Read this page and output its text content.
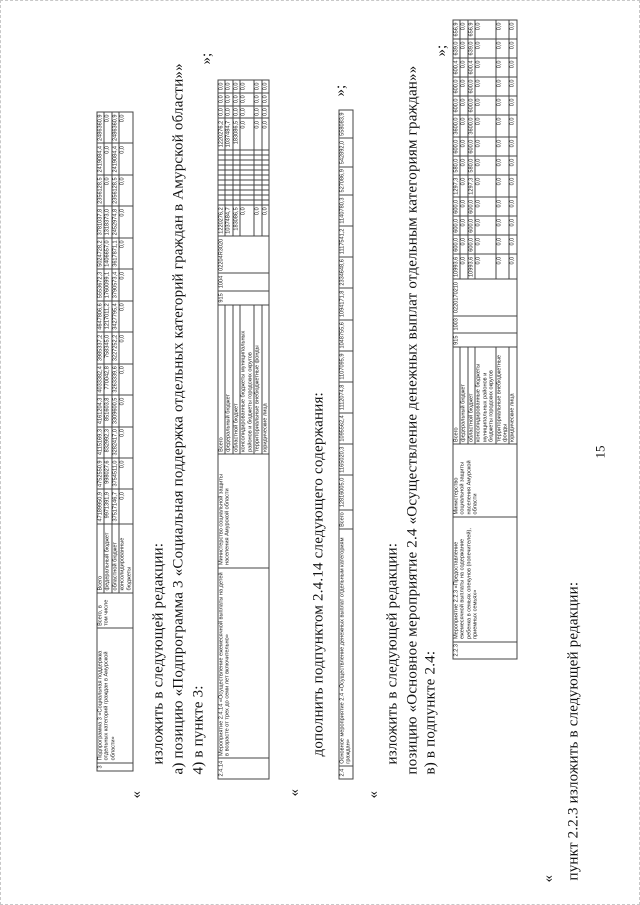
15
пункт 2.2.3 изложить в следующей редакции:
«
2.2.3	Мероприятие 2.2.3 «Предоставление ежемесячной выплаты на содержание ребенка в семьях опекунов (попечителей), приемных семьях»	Министерство социальной защиты населения Амурской области	Всего	915	1003	0220170210	10993,6	600,0	600,0	600,0	1297,3	580,0	600,0	3600,0	600,0	600,0	600,4	639,0	656,9
			федеральный бюджет				0,0	0,0	0,0	0,0	0,0	0,0	0,0	0,0	0,0	0,0	0,0	0,0	0,0
			областной бюджет				10993,6	600,0	600,0	600,0	1297,3	580,0	600,0	3600,0	600,0	600,0	600,4	639,0	656,9
			консолидированные бюджеты муниципальных районов и бюджеты городских округов				0,0	0,0	0,0	0,0	0,0	0,0	0,0	0,0	0,0	0,0	0,0	0,0	0,0
			территориальные внебюджетные фонды				0,0	0,0	0,0	0,0	0,0	0,0	0,0	0,0	0,0	0,0	0,0	0,0	0,0
			юридические лица				0,0	0,0	0,0	0,0	0,0	0,0	0,0	0,0	0,0	0,0	0,0	0,0	0,0
»;
в) в подпункте 2.4:
позицию «Основное мероприятие 2.4 «Осуществление денежных выплат отдельным категориям граждан»»
изложить в следующей редакции:
«
2.4	Основное мероприятие 2.4 «Осуществление денежных выплат отдельным категориям граждан»	Всего	12816005,0	1165020,3	1095562,4	1112074,8	1107095,9	1048755,6	1094171,8	2334648,6	1117541,2	1140780,3	527086,9	542892,0	558083,9
»;
дополнить подпунктом 2.4.14 следующего содержания:
«
2.4.14	Мероприятие 2.4.14 «Осуществление ежемесячной выплаты на детей в возрасте от трех до семи лет включительно»	Министерство социальной защиты населения Амурской области	Всего	915	1004	02204R3020	1220276,2												1220276,2	0,0	0,0	0,0
			федеральный бюджет				1037484,7												1037484,7	0,0	0,0	0,0
			областной бюджет				183086,5												183086,5	0,0	0,0	0,0
			консолидированные бюджеты муниципальных районов и бюджеты городских округов				0,0												0,0	0,0	0,0	0,0
			территориальные внебюджетные фонды				0,0												0,0	0,0	0,0	0,0
			юридические лица				0,0												0,0	0,0	0,0	0,0
»;
4) в пункте 3:
а) позицию «Подпрограмма 3 «Социальная поддержка отдельных категорий граждан в Амурской области»»
изложить в следующей редакции:
«
3	Подпрограмма 3 «Социальная поддержка отдельных категорий граждан в Амурской области»	Всего, в том числе	Всего	47189950,9	4752550,9	4115169,3	4161204,3	4033382,4	3985337,2	4647806,6	5553672,3	5024728,2	3781037,8	2356128,5	2419084,4	2486360,9
			федеральный бюджет	9971391,9	998027,6	832992,3	851603,8	770042,8	758345,0	1217011,2	1760099,1	1406657,0	1318373,0	0,0	0,0	0,0
			областной бюджет	37517146,7	3754511,0	3282417,0	3309600,5	3263339,6	3227252,2	3427795,4	3790573,4	3617871,1	2452974,8	2356128,5	2419084,4	2486360,9
			консолидированные бюджеты	0,0	0,0	0,0	0,0	0,0	0,0	0,0	0,0	0,0	0,0	0,0	0,0	0,0
